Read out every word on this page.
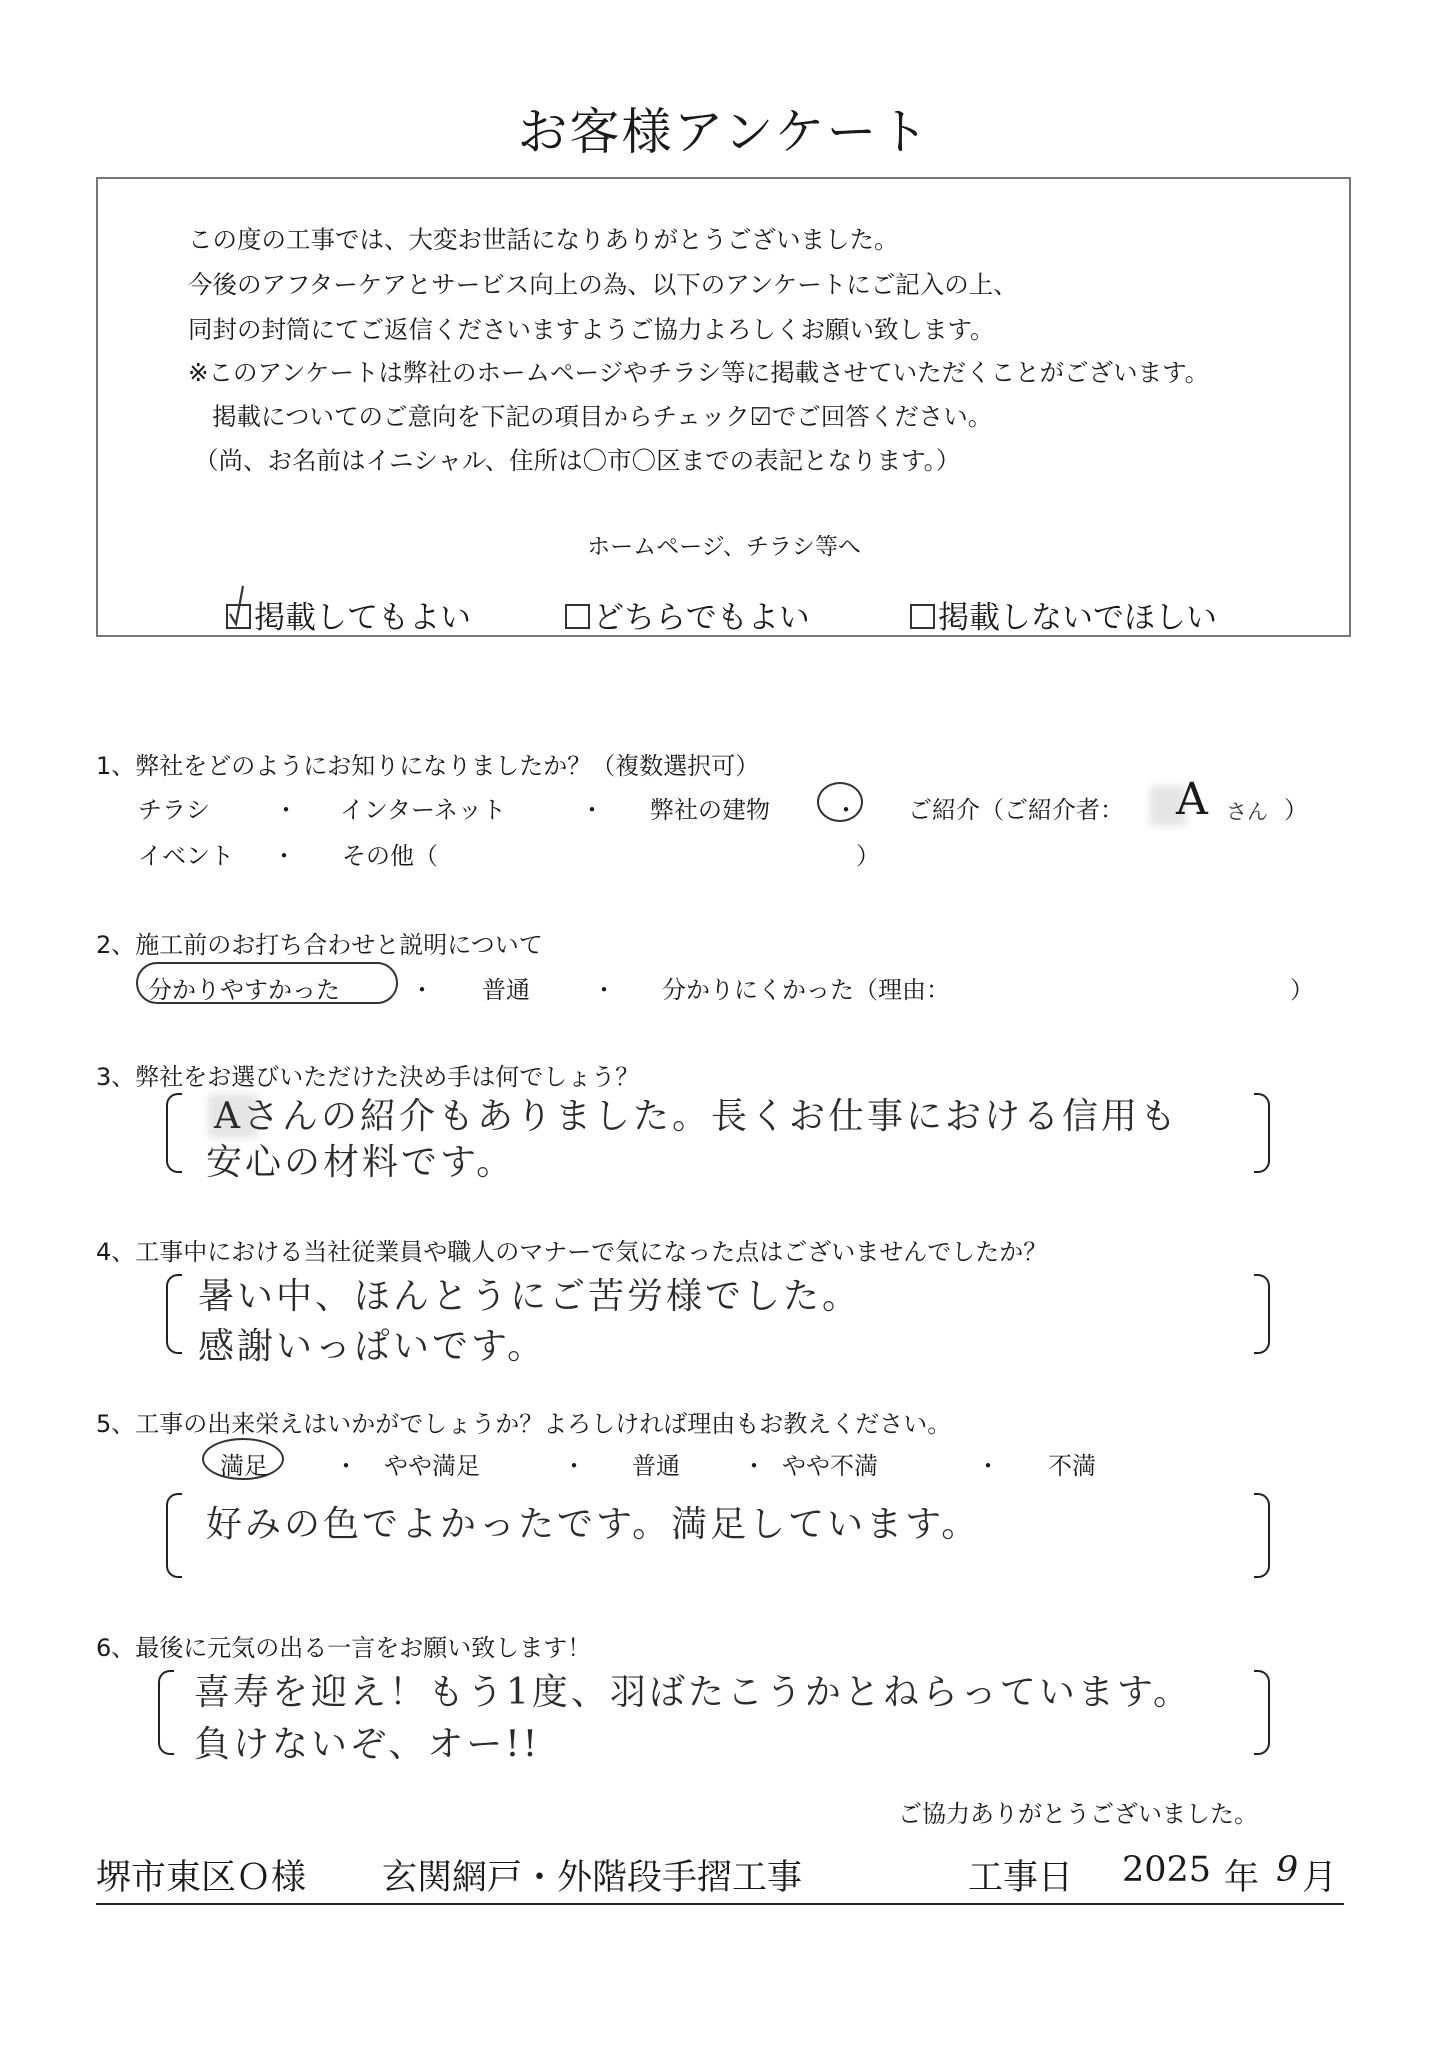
お客様アンケート
この度の工事では、大変お世話になりありがとうございました。
今後のアフターケアとサービス向上の為、以下のアンケートにご記入の上、
同封の封筒にてご返信くださいますようご協力よろしくお願い致します。
※このアンケートは弊社のホームページやチラシ等に掲載させていただくことがございます。
掲載についてのご意向を下記の項目からチェック☑でご回答ください。
（尚、お名前はイニシャル、住所は〇市〇区までの表記となります。）
ホームページ、チラシ等へ
掲載してもよい	どちらでもよい	掲載しないでほしい
1、弊社をどのようにお知りになりましたか？（複数選択可）
チラシ	・ インターネット	・ 弊社の建物	・ ご紹介（ご紹介者： A さん ）
イベント ・ その他（	）
2、施工前のお打ち合わせと説明について
分かりやすかった	・ 普通	・ 分かりにくかった（理由：	）
3、弊社をお選びいただけた決め手は何でしょう？
Aさんの紹介もありました。長くお仕事における信用も
安心の材料です。
4、工事中における当社従業員や職人のマナーで気になった点はございませんでしたか？
暑い中、ほんとうにご苦労様でした。
感謝いっぱいです。
5、工事の出来栄えはいかがでしょうか？よろしければ理由もお教えください。
満足	・ やや満足	・ 普通	・ やや不満	・ 不満
好みの色でよかったです。満足しています。
6、最後に元気の出る一言をお願い致します！
喜寿を迎え！もう1度、羽ばたこうかとねらっています。
負けないぞ、オー!!
ご協力ありがとうございました。
堺市東区Ｏ様 玄関網戸・外階段手摺工事	工事日 2025 年 9 月
